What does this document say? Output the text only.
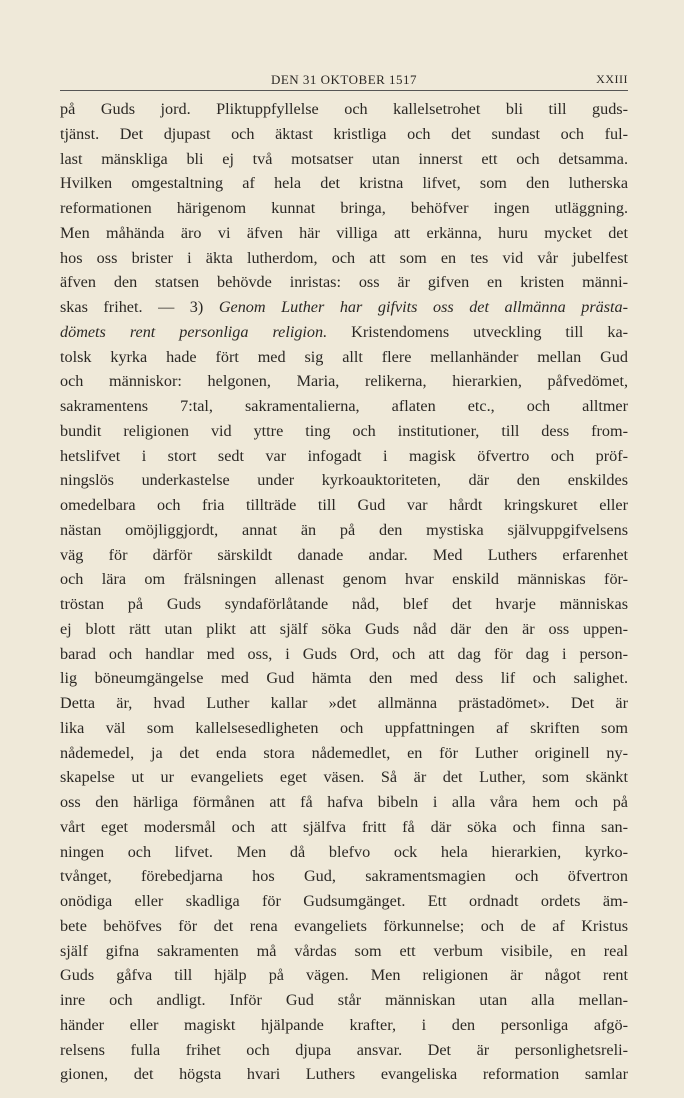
DEN 31 OKTOBER 1517	XXIII
på Guds jord. Pliktuppfyllelse och kallelsetrohet bli till guds-
tjänst. Det djupast och äktast kristliga och det sundast och ful-
last mänskliga bli ej två motsatser utan innerst ett och detsamma.
Hvilken omgestaltning af hela det kristna lifvet, som den lutherska
reformationen härigenom kunnat bringa, behöfver ingen utläggning.
Men måhända äro vi äfven här villiga att erkänna, huru mycket det
hos oss brister i äkta lutherdom, och att som en tes vid vår jubelfest
äfven den statsen behövde inristas: oss är gifven en kristen männi-
skas frihet. — 3) Genom Luther har gifvits oss det allmänna prästa-
dömets rent personliga religion. Kristendomens utveckling till ka-
tolsk kyrka hade fört med sig allt flere mellanhänder mellan Gud
och människor: helgonen, Maria, relikerna, hierarkien, påfvedömet,
sakramentens 7:tal, sakramentalierna, aflaten etc., och alltmer
bundit religionen vid yttre ting och institutioner, till dess from-
hetslifvet i stort sedt var infogadt i magisk öfvertro och pröf-
ningslös underkastelse under kyrkoauktoriteten, där den enskildes
omedelbara och fria tillträde till Gud var hårdt kringskuret eller
nästan omöjliggjordt, annat än på den mystiska självuppgifvelsens
väg för därför särskildt danade andar. Med Luthers erfarenhet
och lära om frälsningen allenast genom hvar enskild människas för-
tröstan på Guds syndaförlåtande nåd, blef det hvarje människas
ej blott rätt utan plikt att själf söka Guds nåd där den är oss uppen-
barad och handlar med oss, i Guds Ord, och att dag för dag i person-
lig böneumgängelse med Gud hämta den med dess lif och salighet.
Detta är, hvad Luther kallar »det allmänna prästadömet». Det är
lika väl som kallelsesedligheten och uppfattningen af skriften som
nådemedel, ja det enda stora nådemedlet, en för Luther originell ny-
skapelse ut ur evangeliets eget väsen. Så är det Luther, som skänkt
oss den härliga förmånen att få hafva bibeln i alla våra hem och på
vårt eget modersmål och att själfva fritt få där söka och finna san-
ningen och lifvet. Men då blefvo ock hela hierarkien, kyrko-
tvånget, förebedjarna hos Gud, sakramentsmagien och öfvertron
onödiga eller skadliga för Gudsumgänget. Ett ordnadt ordets äm-
bete behöfves för det rena evangeliets förkunnelse; och de af Kristus
själf gifna sakramenten må vårdas som ett verbum visibile, en real
Guds gåfva till hjälp på vägen. Men religionen är något rent
inre och andligt. Inför Gud står människan utan alla mellan-
händer eller magiskt hjälpande krafter, i den personliga afgö-
relsens fulla frihet och djupa ansvar. Det är personlighetsreli-
gionen, det högsta hvari Luthers evangeliska reformation samlar
